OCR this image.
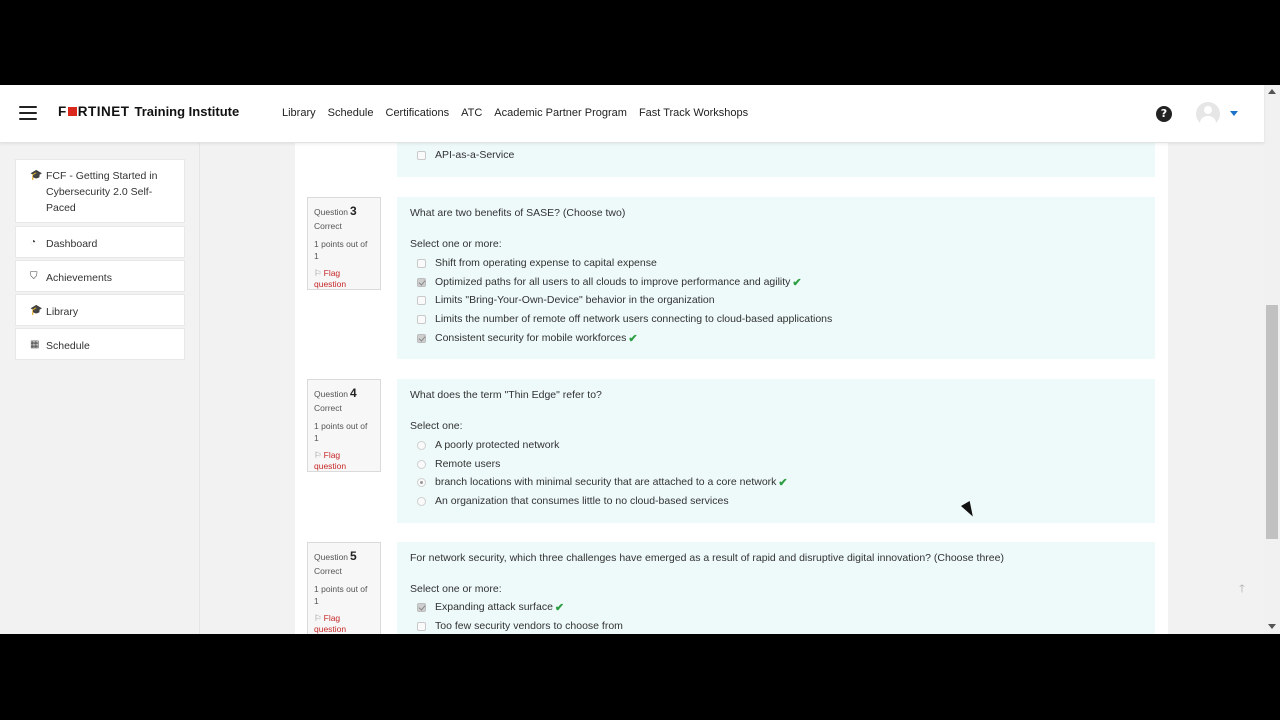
F RTINET Training Institute	Library Schedule Certifications ATC Academic Partner Program Fast Track Workshops	?
🎓 FCF - Getting Started in Cybersecurity 2.0 Self-Paced
◔ Dashboard
⛉ Achievements
🎓 Library
▦ Schedule
API-as-a-Service
Question 3
Correct
1 points out of 1
⚐ Flag question
What are two benefits of SASE? (Choose two)
Select one or more:
Shift from operating expense to capital expense
Optimized paths for all users to all clouds to improve performance and agility ✔
Limits "Bring-Your-Own-Device" behavior in the organization
Limits the number of remote off network users connecting to cloud-based applications
Consistent security for mobile workforces ✔
Question 4
Correct
1 points out of 1
⚐ Flag question
What does the term "Thin Edge" refer to?
Select one:
A poorly protected network
Remote users
branch locations with minimal security that are attached to a core network ✔
An organization that consumes little to no cloud-based services
Question 5
Correct
1 points out of 1
⚐ Flag question
For network security, which three challenges have emerged as a result of rapid and disruptive digital innovation? (Choose three)
Select one or more:
Expanding attack surface ✔
Too few security vendors to choose from
🡑
